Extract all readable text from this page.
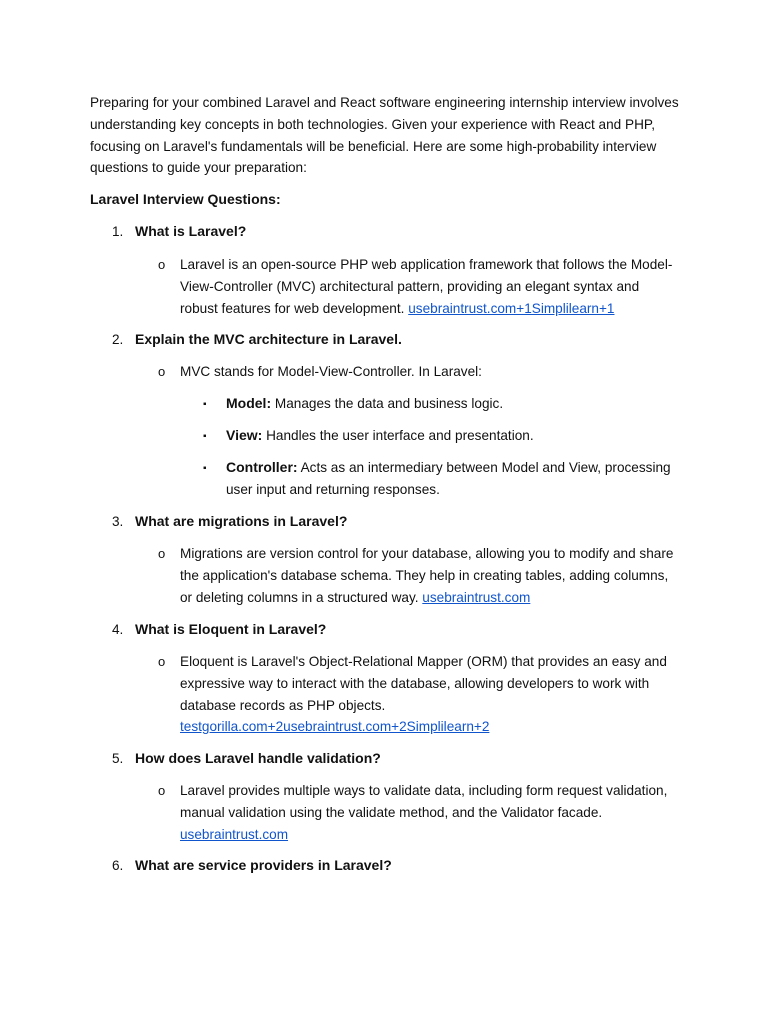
Preparing for your combined Laravel and React software engineering internship interview involves understanding key concepts in both technologies. Given your experience with React and PHP, focusing on Laravel's fundamentals will be beneficial. Here are some high-probability interview questions to guide your preparation:

Laravel Interview Questions:

1. What is Laravel?
o Laravel is an open-source PHP web application framework that follows the Model-View-Controller (MVC) architectural pattern, providing an elegant syntax and robust features for web development. usebraintrust.com+1Simplilearn+1
2. Explain the MVC architecture in Laravel.
o MVC stands for Model-View-Controller. In Laravel:
▪ Model: Manages the data and business logic.
▪ View: Handles the user interface and presentation.
▪ Controller: Acts as an intermediary between Model and View, processing user input and returning responses.
3. What are migrations in Laravel?
o Migrations are version control for your database, allowing you to modify and share the application's database schema. They help in creating tables, adding columns, or deleting columns in a structured way. usebraintrust.com
4. What is Eloquent in Laravel?
o Eloquent is Laravel's Object-Relational Mapper (ORM) that provides an easy and expressive way to interact with the database, allowing developers to work with database records as PHP objects.
testgorilla.com+2usebraintrust.com+2Simplilearn+2
5. How does Laravel handle validation?
o Laravel provides multiple ways to validate data, including form request validation, manual validation using the validate method, and the Validator facade. usebraintrust.com
6. What are service providers in Laravel?
